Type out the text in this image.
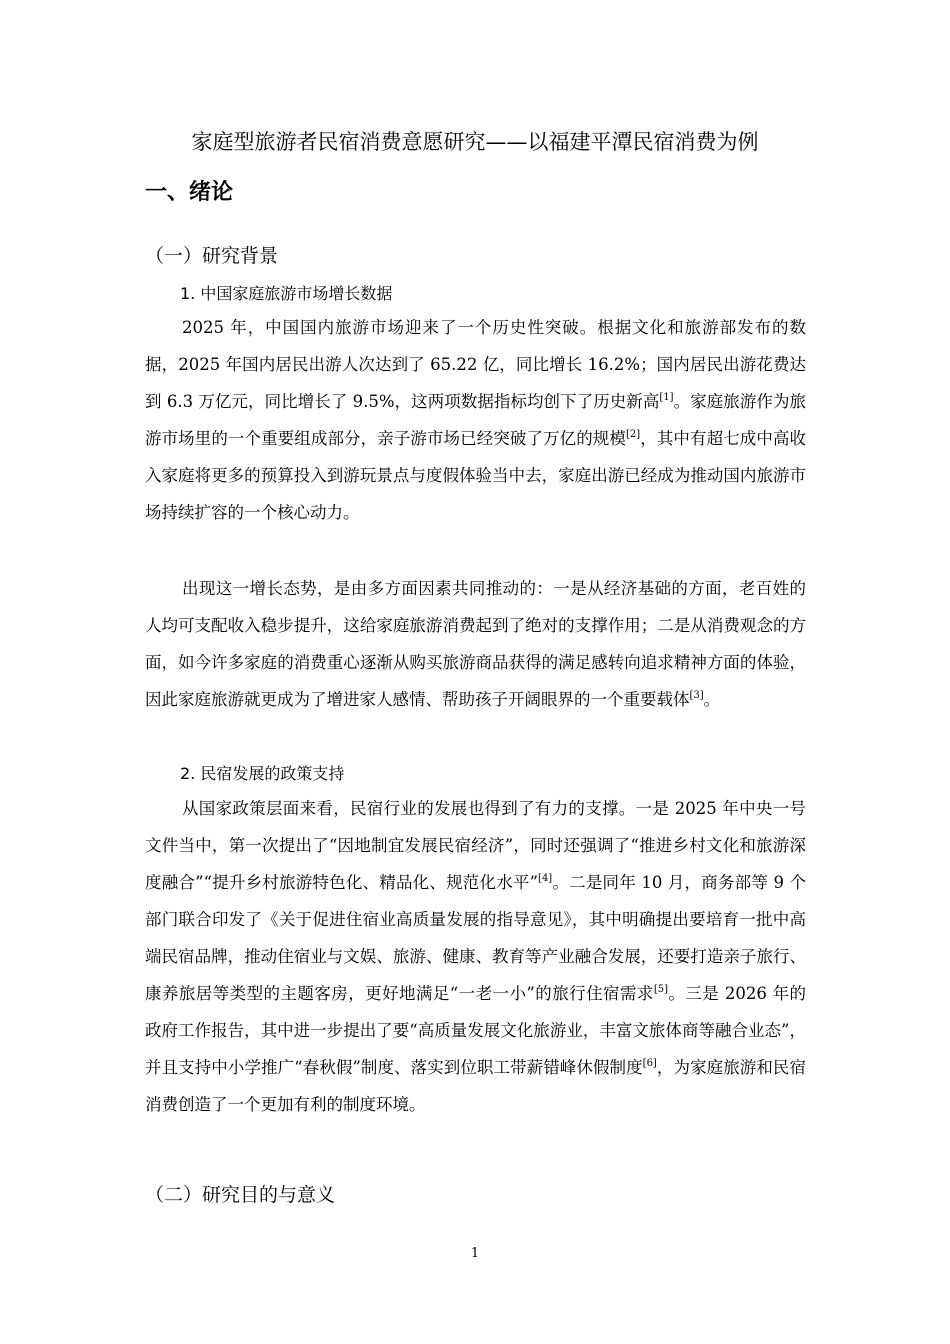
家庭型旅游者民宿消费意愿研究——以福建平潭民宿消费为例
一、绪论
（一）研究背景
1. 中国家庭旅游市场增长数据

2025 年，中国国内旅游市场迎来了一个历史性突破。根据文化和旅游部发布的数据，2025 年国内居民出游人次达到了 65.22 亿，同比增长 16.2%；国内居民出游花费达到 6.3 万亿元，同比增长了 9.5%，这两项数据指标均创下了历史新高[1]。家庭旅游作为旅游市场里的一个重要组成部分，亲子游市场已经突破了万亿的规模[2]，其中有超七成中高收入家庭将更多的预算投入到游玩景点与度假体验当中去，家庭出游已经成为推动国内旅游市场持续扩容的一个核心动力。

出现这一增长态势，是由多方面因素共同推动的：一是从经济基础的方面，老百姓的人均可支配收入稳步提升，这给家庭旅游消费起到了绝对的支撑作用；二是从消费观念的方面，如今许多家庭的消费重心逐渐从购买旅游商品获得的满足感转向追求精神方面的体验，因此家庭旅游就更成为了增进家人感情、帮助孩子开阔眼界的一个重要载体[3]。

2. 民宿发展的政策支持

从国家政策层面来看，民宿行业的发展也得到了有力的支撑。一是 2025 年中央一号文件当中，第一次提出了“因地制宜发展民宿经济”，同时还强调了“推进乡村文化和旅游深度融合”“提升乡村旅游特色化、精品化、规范化水平”[4]。二是同年 10 月，商务部等 9 个部门联合印发了《关于促进住宿业高质量发展的指导意见》，其中明确提出要培育一批中高端民宿品牌，推动住宿业与文娱、旅游、健康、教育等产业融合发展，还要打造亲子旅行、康养旅居等类型的主题客房，更好地满足“一老一小”的旅行住宿需求[5]。三是 2026 年的政府工作报告，其中进一步提出了要“高质量发展文化旅游业，丰富文旅体商等融合业态”，并且支持中小学推广“春秋假”制度、落实到位职工带薪错峰休假制度[6]，为家庭旅游和民宿消费创造了一个更加有利的制度环境。

（二）研究目的与意义
1
